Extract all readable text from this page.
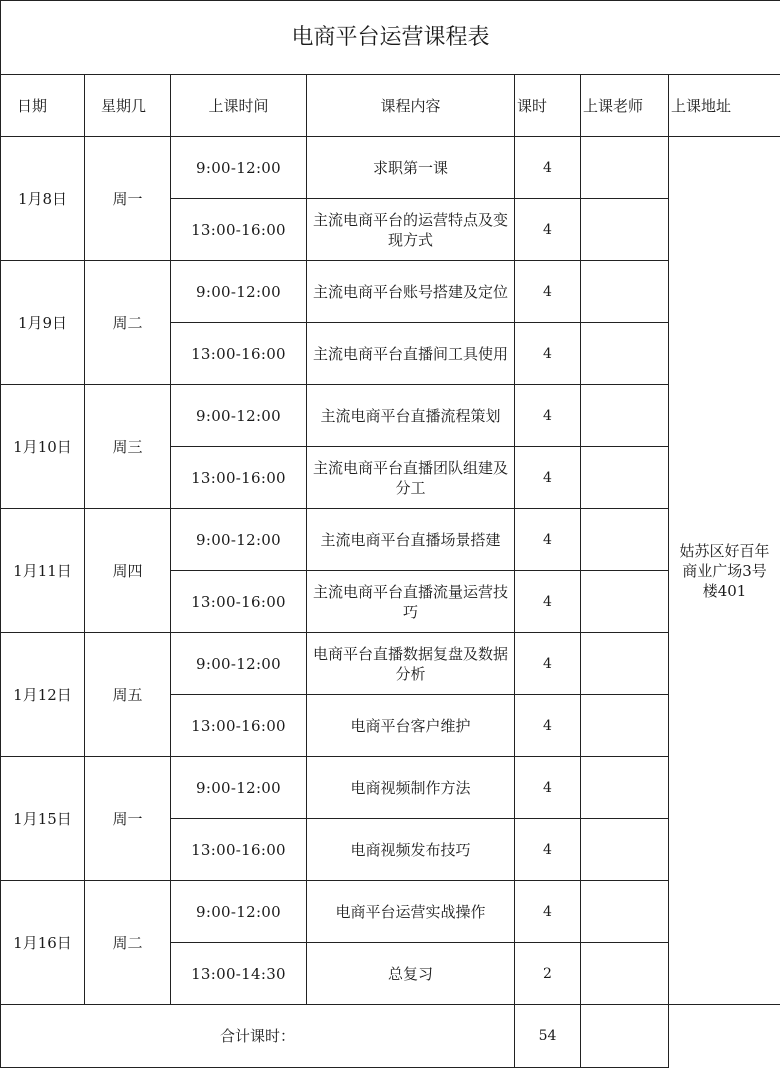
电商平台运营课程表						
日期	星期几	上课时间	课程内容	课时	上课老师	上课地址
1月8日	周一	9:00-12:00	求职第一课	4		姑苏区好百年商业广场3号楼401
		13:00-16:00	主流电商平台的运营特点及变现方式	4		
1月9日	周二	9:00-12:00	主流电商平台账号搭建及定位	4		
		13:00-16:00	主流电商平台直播间工具使用	4		
1月10日	周三	9:00-12:00	主流电商平台直播流程策划	4		
		13:00-16:00	主流电商平台直播团队组建及分工	4		
1月11日	周四	9:00-12:00	主流电商平台直播场景搭建	4		
		13:00-16:00	主流电商平台直播流量运营技巧	4		
1月12日	周五	9:00-12:00	电商平台直播数据复盘及数据分析	4		
		13:00-16:00	电商平台客户维护	4		
1月15日	周一	9:00-12:00	电商视频制作方法	4		
		13:00-16:00	电商视频发布技巧	4		
1月16日	周二	9:00-12:00	电商平台运营实战操作	4		
		13:00-14:30	总复习	2		
合计课时：				54		
